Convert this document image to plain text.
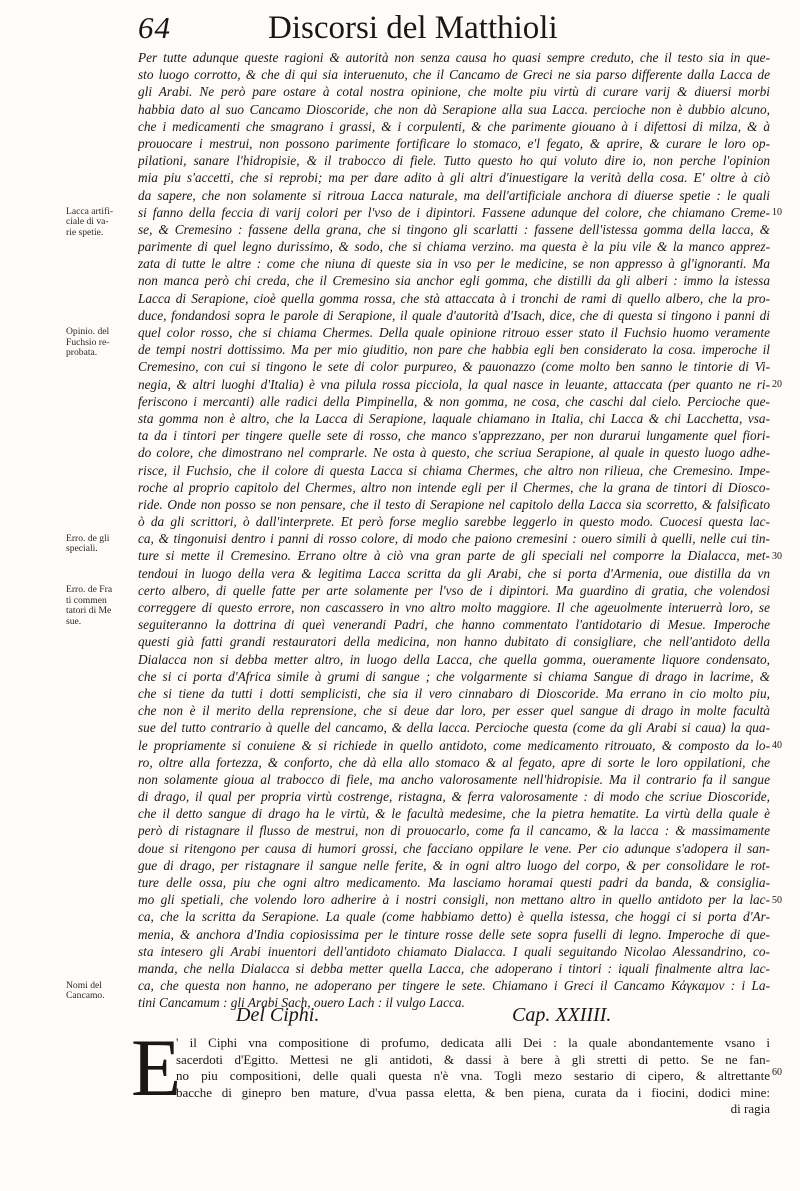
64	Discorsi del Matthioli
Lacca artifi-
ciale di va-
rie spetie.
Opinio. del
Fuchsio re-
probata.
Erro. de gli
speciali.
Erro. de Fra
ti commen
tatori di Me
sue.
Nomi del
Cancamo.
Per tutte adunque queste ragioni & autorità non senza causa ho quasi sempre creduto, che il testo sia in que-
sto luogo corrotto, & che di qui sia interuenuto, che il Cancamo de Greci ne sia parso differente dalla Lacca de
gli Arabi. Ne però pare ostare à cotal nostra opinione, che molte piu virtù di curare varij & diuersi morbi
habbia dato al suo Cancamo Dioscoride, che non dà Serapione alla sua Lacca. percioche non è dubbio alcuno,
che i medicamenti che smagrano i grassi, & i corpulenti, & che parimente giouano à i difettosi di milza, & à
prouocare i mestrui, non possono parimente fortificare lo stomaco, e'l fegato, & aprire, & curare le loro op-
pilationi, sanare l'hidropisie, & il trabocco di fiele. Tutto questo ho qui voluto dire io, non perche l'opinion
mia piu s'accetti, che si reprobi; ma per dare adito à gli altri d'inuestigare la verità della cosa. E' oltre à ciò
da sapere, che non solamente si ritroua Lacca naturale, ma dell'artificiale anchora di diuerse spetie : le quali
si fanno della feccia di varij colori per l'vso de i dipintori. Fassene adunque del colore, che chiamano Creme-
se, & Cremesino : fassene della grana, che si tingono gli scarlatti : fassene dell'istessa gomma della lacca, &
parimente di quel legno durissimo, & sodo, che si chiama verzino. ma questa è la piu vile & la manco apprez-
zata di tutte le altre : come che niuna di queste sia in vso per le medicine, se non appresso à gl'ignoranti. Ma
non manca però chi creda, che il Cremesino sia anchor egli gomma, che distilli da gli alberi : immo la istessa
Lacca di Serapione, cioè quella gomma rossa, che stà attaccata à i tronchi de rami di quello albero, che la pro-
duce, fondandosi sopra le parole di Serapione, il quale d'autorità d'Isach, dice, che di questa si tingono i panni di
quel color rosso, che si chiama Chermes. Della quale opinione ritrouo esser stato il Fuchsio huomo veramente
de tempi nostri dottissimo. Ma per mio giuditio, non pare che habbia egli ben considerato la cosa. imperoche il
Cremesino, con cui si tingono le sete di color purpureo, & pauonazzo (come molto ben sanno le tintorie di Vi-
negia, & altri luoghi d'Italia) è vna pilula rossa picciola, la qual nasce in leuante, attaccata (per quanto ne ri-
feriscono i mercanti) alle radici della Pimpinella, & non gomma, ne cosa, che caschi dal cielo. Percioche que-
sta gomma non è altro, che la Lacca di Serapione, laquale chiamano in Italia, chi Lacca & chi Lacchetta, vsa-
ta da i tintori per tingere quelle sete di rosso, che manco s'apprezzano, per non durarui lungamente quel fiori-
do colore, che dimostrano nel comprarle. Ne osta à questo, che scriua Serapione, al quale in questo luogo adhe-
risce, il Fuchsio, che il colore di questa Lacca si chiama Chermes, che altro non rilieua, che Cremesino. Impe-
roche al proprio capitolo del Chermes, altro non intende egli per il Chermes, che la grana de tintori di Diosco-
ride. Onde non posso se non pensare, che il testo di Serapione nel capitolo della Lacca sia scorretto, & falsificato
ò da gli scrittori, ò dall'interprete. Et però forse meglio sarebbe leggerlo in questo modo. Cuocesi questa lac-
ca, & tingonuisi dentro i panni di rosso colore, di modo che paiono cremesini : ouero simili à quelli, nelle cui tin-
ture si mette il Cremesino. Errano oltre à ciò vna gran parte de gli speciali nel comporre la Dialacca, met-
tendoui in luogo della vera & legitima Lacca scritta da gli Arabi, che si porta d'Armenia, oue distilla da vn
certo albero, di quelle fatte per arte solamente per l'vso de i dipintori. Ma guardino di gratia, che volendosi
correggere di questo errore, non cascassero in vno altro molto maggiore. Il che ageuolmente interuerrà loro, se
seguiteranno la dottrina di queì venerandi Padri, che hanno commentato l'antidotario di Mesue. Imperoche
questi già fatti grandi restauratori della medicina, non hanno dubitato di consigliare, che nell'antidoto della
Dialacca non si debba metter altro, in luogo della Lacca, che quella gomma, oueramente liquore condensato,
che si ci porta d'Africa simile à grumi di sangue ; che volgarmente si chiama Sangue di drago in lacrime, &
che si tiene da tutti i dotti semplicisti, che sia il vero cinnabaro di Dioscoride. Ma errano in cio molto piu,
che non è il merito della reprensione, che si deue dar loro, per esser quel sangue di drago in molte facultà
sue del tutto contrario à quelle del cancamo, & della lacca. Percioche questa (come da gli Arabi si caua) la qua-
le propriamente si conuiene & si richiede in quello antidoto, come medicamento ritrouato, & composto da lo-
ro, oltre alla fortezza, & conforto, che dà ella allo stomaco & al fegato, apre di sorte le loro oppilationi, che
non solamente gioua al trabocco di fiele, ma ancho valorosamente nell'hidropisie. Ma il contrario fa il sangue
di drago, il qual per propria virtù costrenge, ristagna, & ferra valorosamente : di modo che scriue Dioscoride,
che il detto sangue di drago ha le virtù, & le facultà medesime, che la pietra hematite. La virtù della quale è
però di ristagnare il flusso de mestrui, non di prouocarlo, come fa il cancamo, & la lacca : & massimamente
doue si ritengono per causa di humori grossi, che facciano oppilare le vene. Per cio adunque s'adopera il san-
gue di drago, per ristagnare il sangue nelle ferite, & in ogni altro luogo del corpo, & per consolidare le rot-
ture delle ossa, piu che ogni altro medicamento. Ma lasciamo horamai questi padri da banda, & consiglia-
mo gli spetiali, che volendo loro adherire à i nostri consigli, non mettano altro in quello antidoto per la lac-
ca, che la scritta da Serapione. La quale (come habbiamo detto) è quella istessa, che hoggi ci si porta d'Ar-
menia, & anchora d'India copiosissima per le tinture rosse delle sete sopra fuselli di legno. Imperoche di que-
sta intesero gli Arabi inuentori dell'antidoto chiamato Dialacca. I quali seguitando Nicolao Alessandrino, co-
manda, che nella Dialacca si debba metter quella Lacca, che adoperano i tintori : iquali finalmente altra lac-
ca, che questa non hanno, ne adoperano per tingere le sete. Chiamano i Greci il Cancamo Κάγκαμον : i La-
tini Cancamum : gli Arabi Sach, ouero Lach : il vulgo Lacca.
10
20
30
40
50
Del Ciphi.	Cap. XXIIII.
E
' il Ciphi vna compositione di profumo, dedicata alli Dei : la quale abondantemente vsano i
sacerdoti d'Egitto. Mettesi ne gli antidoti, & dassi à bere à gli stretti di petto. Se ne fan-
no piu compositioni, delle quali questa n'è vna. Togli mezo sestario di cipero, & altrettante
bacche di ginepro ben mature, d'vua passa eletta, & ben piena, curata da i fiocini, dodici mine:
di ragia
60
